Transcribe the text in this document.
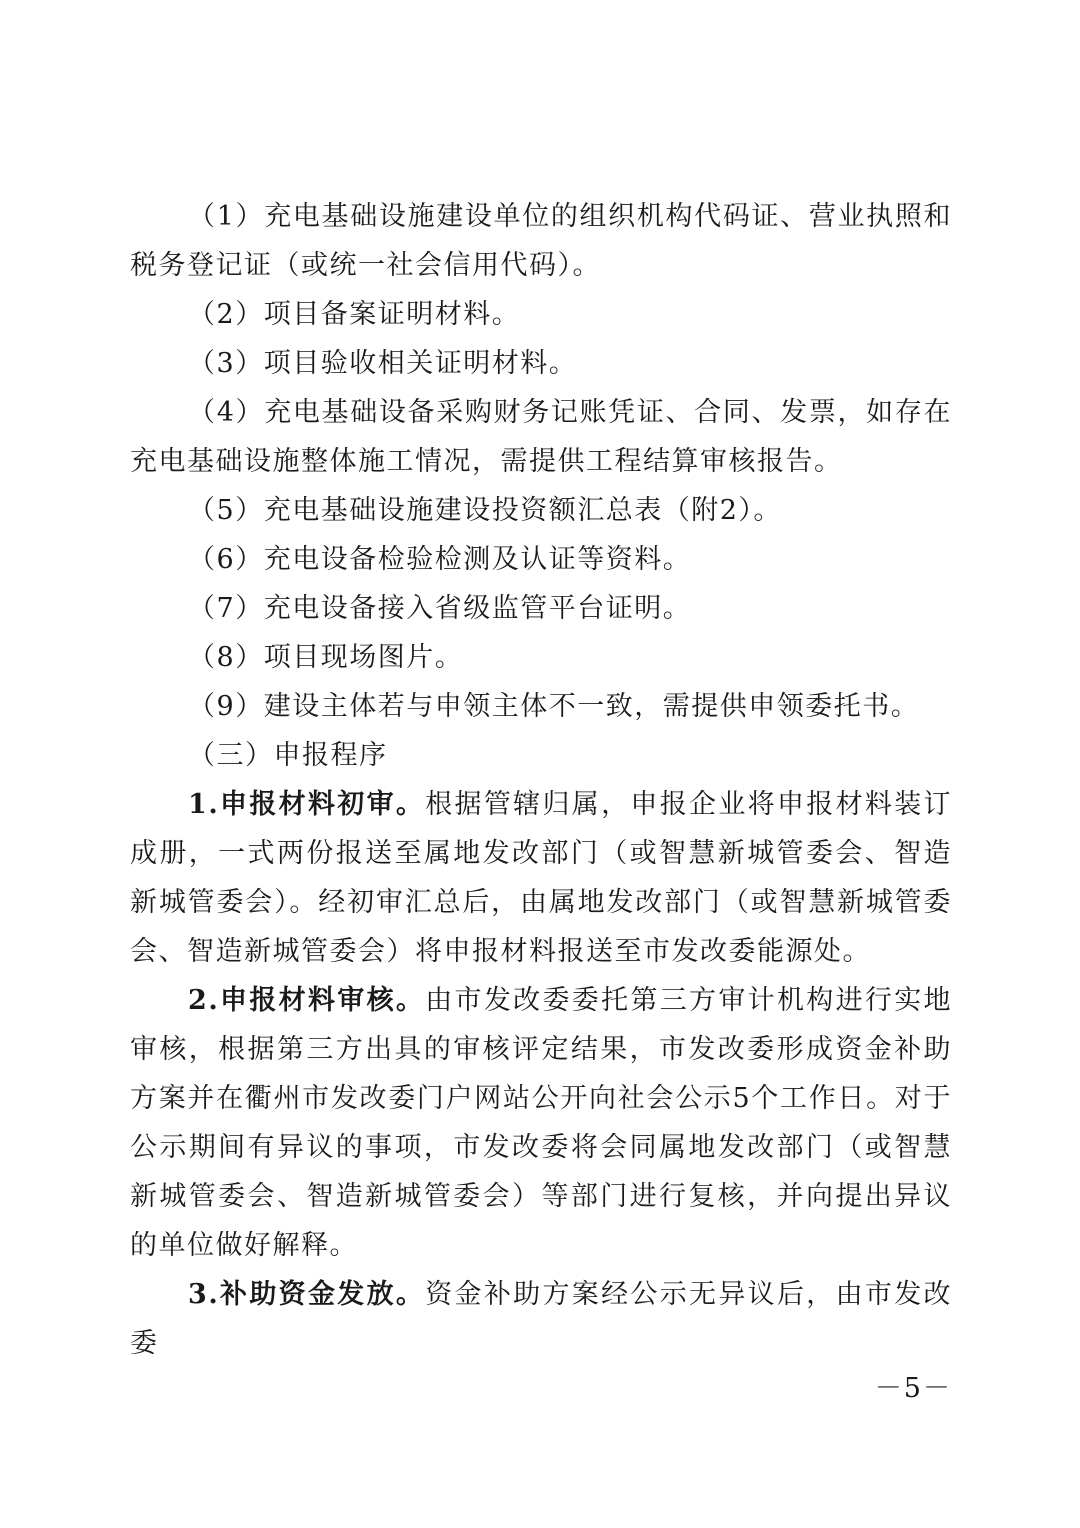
（1）充电基础设施建设单位的组织机构代码证、营业执照和税务登记证（或统一社会信用代码）。

（2）项目备案证明材料。

（3）项目验收相关证明材料。

（4）充电基础设备采购财务记账凭证、合同、发票，如存在充电基础设施整体施工情况，需提供工程结算审核报告。

（5）充电基础设施建设投资额汇总表（附2）。

（6）充电设备检验检测及认证等资料。

（7）充电设备接入省级监管平台证明。

（8）项目现场图片。

（9）建设主体若与申领主体不一致，需提供申领委托书。

（三）申报程序

1.申报材料初审。根据管辖归属，申报企业将申报材料装订成册，一式两份报送至属地发改部门（或智慧新城管委会、智造新城管委会）。经初审汇总后，由属地发改部门（或智慧新城管委会、智造新城管委会）将申报材料报送至市发改委能源处。

2.申报材料审核。由市发改委委托第三方审计机构进行实地审核，根据第三方出具的审核评定结果，市发改委形成资金补助方案并在衢州市发改委门户网站公开向社会公示5个工作日。对于公示期间有异议的事项，市发改委将会同属地发改部门（或智慧新城管委会、智造新城管委会）等部门进行复核，并向提出异议的单位做好解释。

3.补助资金发放。资金补助方案经公示无异议后，由市发改委

－5－
